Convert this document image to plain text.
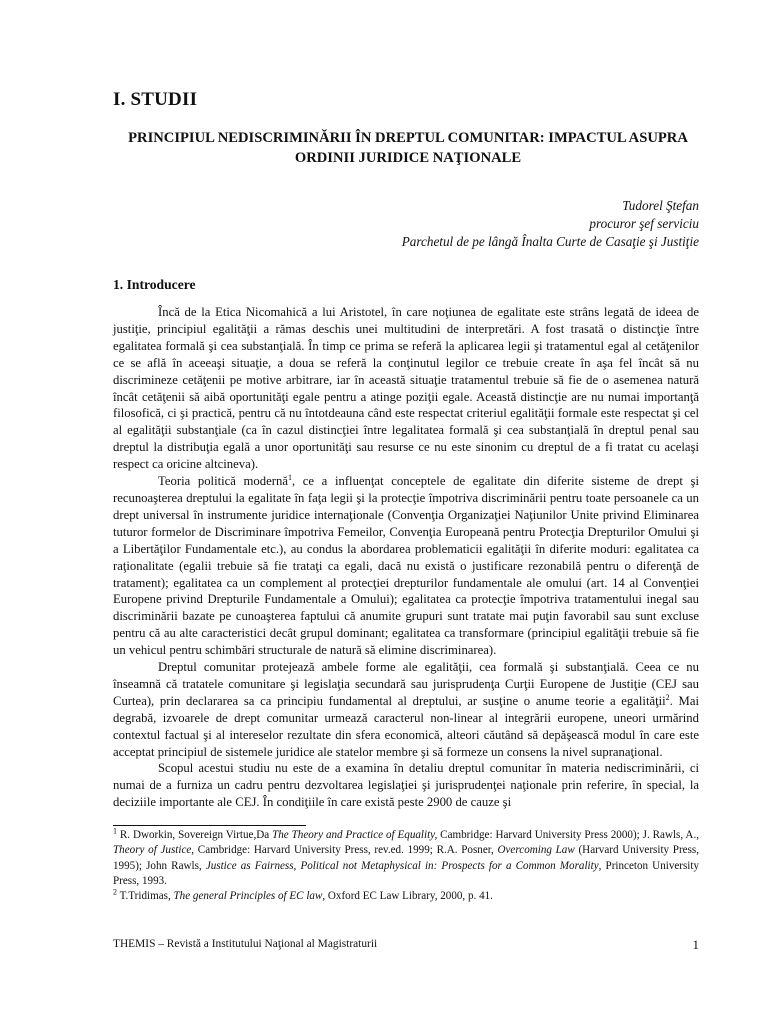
I. STUDII
PRINCIPIUL NEDISCRIMINĂRII ÎN DREPTUL COMUNITAR: IMPACTUL ASUPRA ORDINII JURIDICE NAŢIONALE
Tudorel Ştefan
procuror şef serviciu
Parchetul de pe lângă Înalta Curte de Casaţie şi Justiţie
1. Introducere

Încă de la Etica Nicomahică a lui Aristotel, în care noţiunea de egalitate este strâns legată de ideea de justiţie, principiul egalităţii a rămas deschis unei multitudini de interpretări. A fost trasată o distincţie între egalitatea formală şi cea substanţială. În timp ce prima se referă la aplicarea legii şi tratamentul egal al cetăţenilor ce se află în aceeaşi situaţie, a doua se referă la conţinutul legilor ce trebuie create în aşa fel încât să nu discrimineze cetăţenii pe motive arbitrare, iar în această situaţie tratamentul trebuie să fie de o asemenea natură încât cetăţenii să aibă oportunităţi egale pentru a atinge poziţii egale. Această distincţie are nu numai importanţă filosofică, ci şi practică, pentru că nu întotdeauna când este respectat criteriul egalităţii formale este respectat şi cel al egalităţii substanţiale (ca în cazul distincţiei între legalitatea formală şi cea substanţială în dreptul penal sau dreptul la distribuţia egală a unor oportunităţi sau resurse ce nu este sinonim cu dreptul de a fi tratat cu acelaşi respect ca oricine altcineva).

Teoria politică modernă$^1$, ce a influenţat conceptele de egalitate din diferite sisteme de drept şi recunoaşterea dreptului la egalitate în faţa legii şi la protecţie împotriva discriminării pentru toate persoanele ca un drept universal în instrumente juridice internaţionale (Convenţia Organizaţiei Naţiunilor Unite privind Eliminarea tuturor formelor de Discriminare împotriva Femeilor, Convenţia Europeană pentru Protecţia Drepturilor Omului şi a Libertăţilor Fundamentale etc.), au condus la abordarea problematicii egalităţii în diferite moduri: egalitatea ca raţionalitate (egalii trebuie să fie trataţi ca egali, dacă nu există o justificare rezonabilă pentru o diferenţă de tratament); egalitatea ca un complement al protecţiei drepturilor fundamentale ale omului (art. 14 al Convenţiei Europene privind Drepturile Fundamentale a Omului); egalitatea ca protecţie împotriva tratamentului inegal sau discriminării bazate pe cunoaşterea faptului că anumite grupuri sunt tratate mai puţin favorabil sau sunt excluse pentru că au alte caracteristici decât grupul dominant; egalitatea ca transformare (principiul egalităţii trebuie să fie un vehicul pentru schimbări structurale de natură să elimine discriminarea).

Dreptul comunitar protejează ambele forme ale egalităţii, cea formală şi substanţială. Ceea ce nu înseamnă că tratatele comunitare şi legislaţia secundară sau jurisprudenţa Curţii Europene de Justiţie (CEJ sau Curtea), prin declararea sa ca principiu fundamental al dreptului, ar susţine o anume teorie a egalităţii$^2$. Mai degrabă, izvoarele de drept comunitar urmează caracterul non-linear al integrării europene, uneori urmărind contextul factual şi al intereselor rezultate din sfera economică, alteori căutând să depăşească modul în care este acceptat principiul de sistemele juridice ale statelor membre şi să formeze un consens la nivel supranaţional.

Scopul acestui studiu nu este de a examina în detaliu dreptul comunitar în materia nediscriminării, ci numai de a furniza un cadru pentru dezvoltarea legislaţiei şi jurisprudenţei naţionale prin referire, în special, la deciziile importante ale CEJ. În condiţiile în care există peste 2900 de cauze şi

$^1$ R. Dworkin, Sovereign Virtue,Da The Theory and Practice of Equality, Cambridge: Harvard University Press 2000); J. Rawls, A., Theory of Justice, Cambridge: Harvard University Press, rev.ed. 1999; R.A. Posner, Overcoming Law (Harvard University Press, 1995); John Rawls, Justice as Fairness, Political not Metaphysical in: Prospects for a Common Morality, Princeton University Press, 1993.

$^2$ T.Tridimas, The general Principles of EC law, Oxford EC Law Library, 2000, p. 41.

THEMIS – Revistă a Institutului Naţional al Magistraturii	1
